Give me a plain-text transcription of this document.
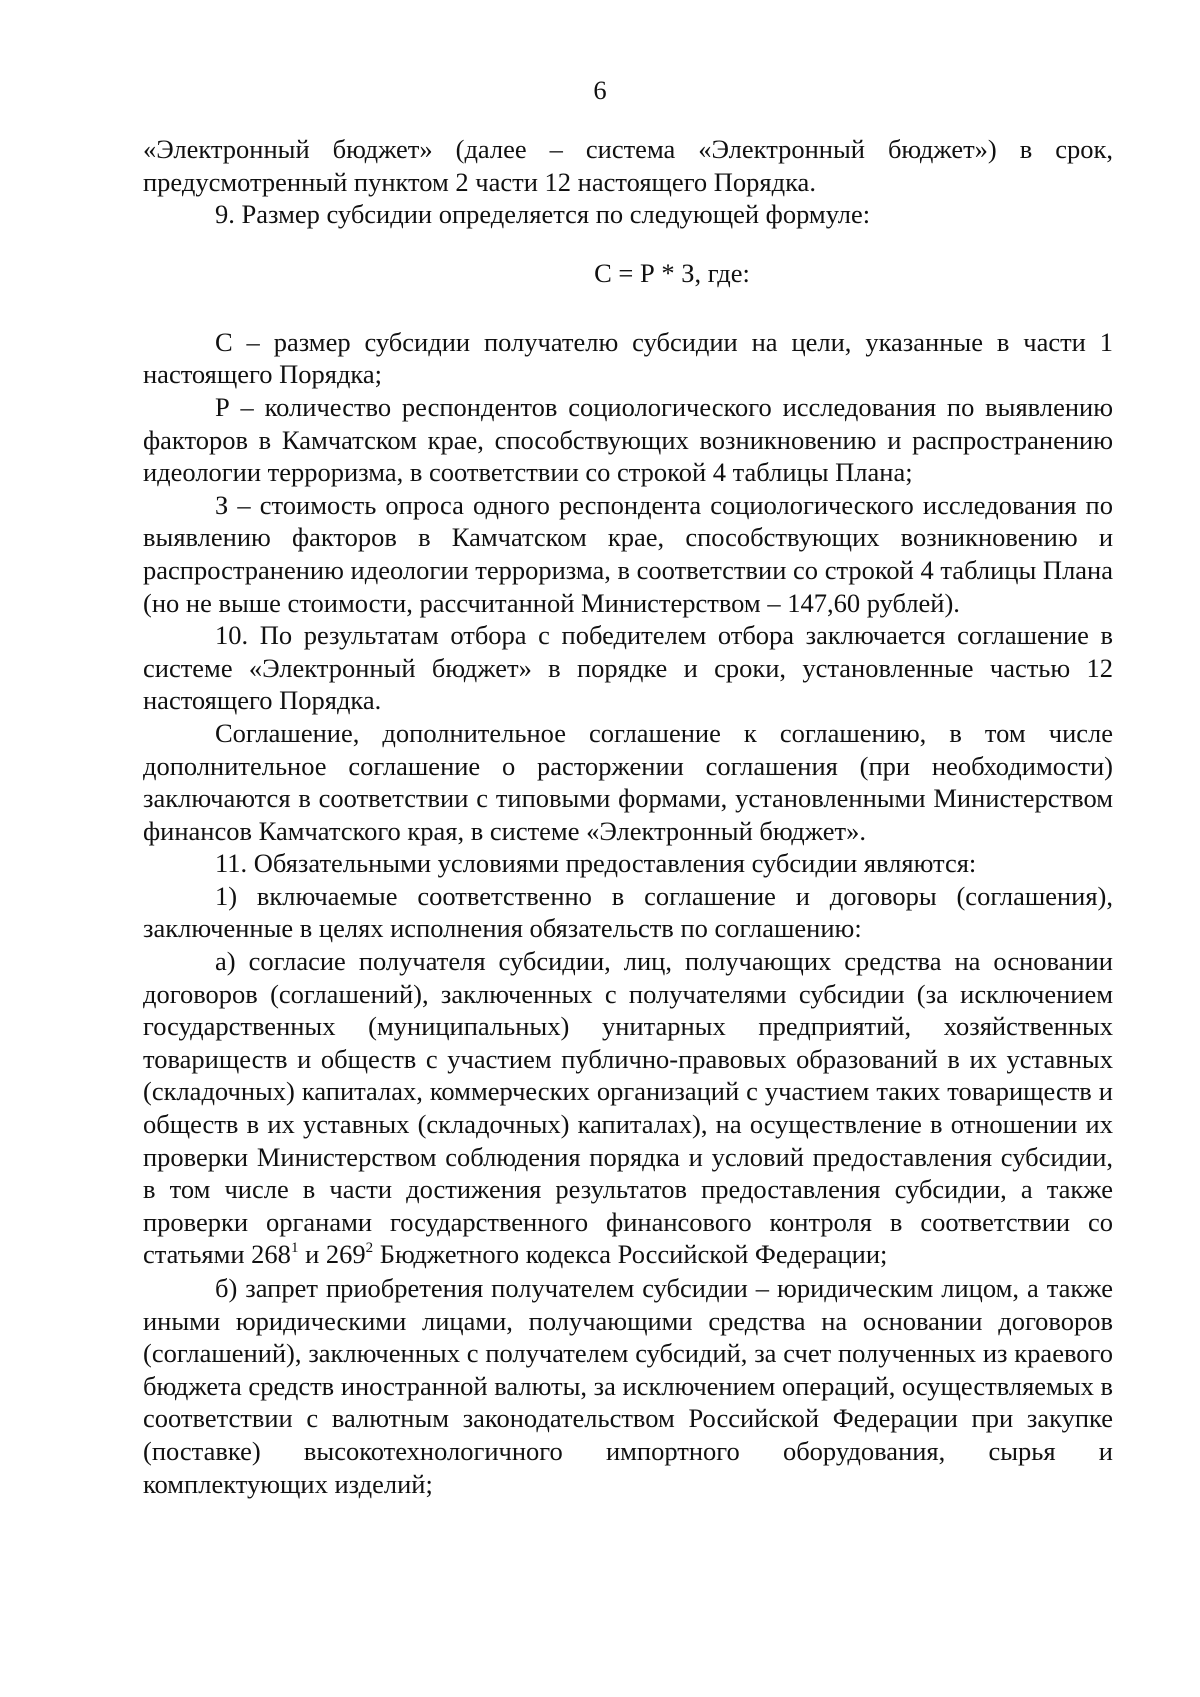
6

«Электронный бюджет» (далее – система «Электронный бюджет») в срок, предусмотренный пунктом 2 части 12 настоящего Порядка.

9. Размер субсидии определяется по следующей формуле:

С = Р * З, где:

С – размер субсидии получателю субсидии на цели, указанные в части 1 настоящего Порядка;

Р – количество респондентов социологического исследования по выявлению факторов в Камчатском крае, способствующих возникновению и распространению идеологии терроризма, в соответствии со строкой 4 таблицы Плана;

З – стоимость опроса одного респондента социологического исследования по выявлению факторов в Камчатском крае, способствующих возникновению и распространению идеологии терроризма, в соответствии со строкой 4 таблицы Плана (но не выше стоимости, рассчитанной Министерством – 147,60 рублей).

10. По результатам отбора с победителем отбора заключается соглашение в системе «Электронный бюджет» в порядке и сроки, установленные частью 12 настоящего Порядка.

Соглашение, дополнительное соглашение к соглашению, в том числе дополнительное соглашение о расторжении соглашения (при необходимости) заключаются в соответствии с типовыми формами, установленными Министерством финансов Камчатского края, в системе «Электронный бюджет».

11. Обязательными условиями предоставления субсидии являются:

1) включаемые соответственно в соглашение и договоры (соглашения), заключенные в целях исполнения обязательств по соглашению:

а) согласие получателя субсидии, лиц, получающих средства на основании договоров (соглашений), заключенных с получателями субсидии (за исключением государственных (муниципальных) унитарных предприятий, хозяйственных товариществ и обществ с участием публично-правовых образований в их уставных (складочных) капиталах, коммерческих организаций с участием таких товариществ и обществ в их уставных (складочных) капиталах), на осуществление в отношении их проверки Министерством соблюдения порядка и условий предоставления субсидии, в том числе в части достижения результатов предоставления субсидии, а также проверки органами государственного финансового контроля в соответствии со статьями $268^1$ и $269^2$ Бюджетного кодекса Российской Федерации;

б) запрет приобретения получателем субсидии – юридическим лицом, а также иными юридическими лицами, получающими средства на основании договоров (соглашений), заключенных с получателем субсидий, за счет полученных из краевого бюджета средств иностранной валюты, за исключением операций, осуществляемых в соответствии с валютным законодательством Российской Федерации при закупке (поставке) высокотехнологичного импортного оборудования, сырья и комплектующих изделий;
